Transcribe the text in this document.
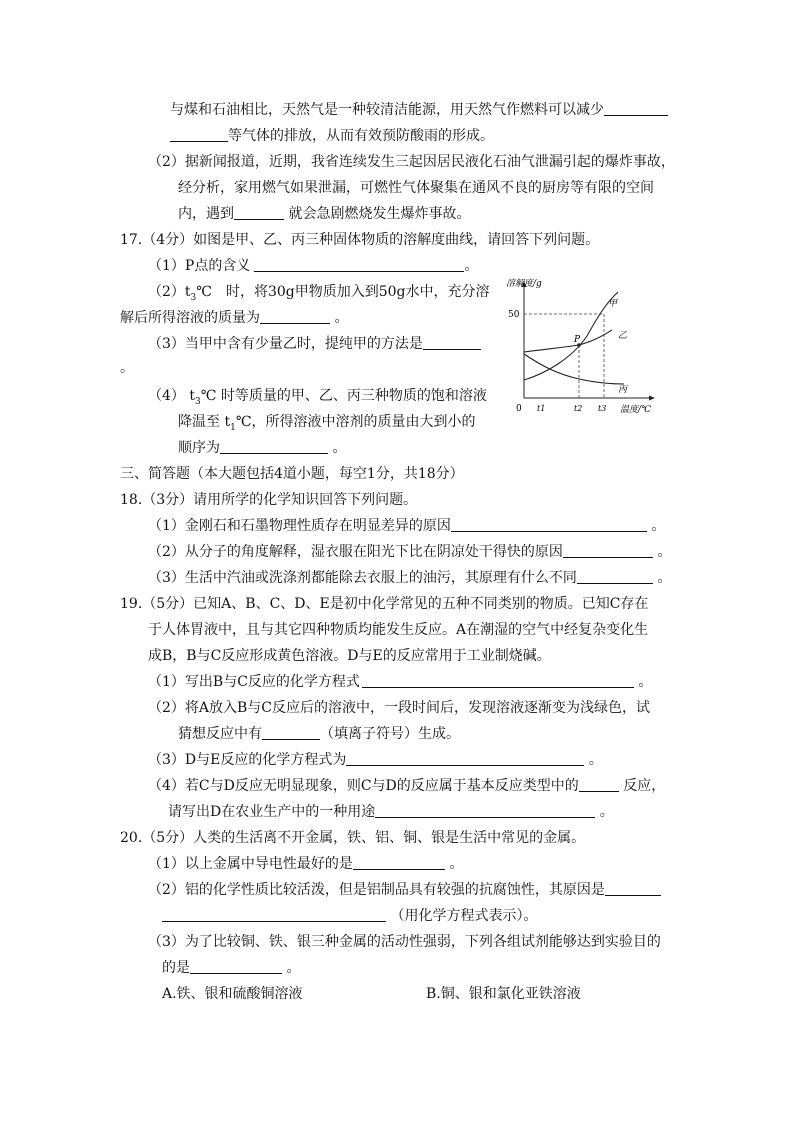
与煤和石油相比，天然气是一种较清洁能源，用天然气作燃料可以减少
等气体的排放，从而有效预防酸雨的形成。
（2）据新闻报道，近期，我省连续发生三起因居民液化石油气泄漏引起的爆炸事故，
经分析，家用燃气如果泄漏，可燃性气体聚集在通风不良的厨房等有限的空间
内，遇到	就会急剧燃烧发生爆炸事故。
17.（4分）如图是甲、乙、丙三种固体物质的溶解度曲线，请回答下列问题。
（1）P点的含义	。
$(2)t_3℃$　时，将30g甲物质加入到50g水中，充分溶
解后所得溶液的质量为	。
（3）当甲中含有少量乙时，提纯甲的方法是
。
（4） $t_3℃$ 时等质量的甲、乙、丙三种物质的饱和溶液
降温至 $t_1℃$，所得溶液中溶剂的质量由大到小的
顺序为	。
溶解度/g
50
0 t1	t2 t3 温度/℃
P
甲
乙
丙
三、简答题（本大题包括4道小题，每空1分，共18分）
18.（3分）请用所学的化学知识回答下列问题。
（1）金刚石和石墨物理性质存在明显差异的原因	。
（2）从分子的角度解释，湿衣服在阳光下比在阴凉处干得快的原因	。
（3）生活中汽油或洗涤剂都能除去衣服上的油污，其原理有什么不同	。
19.（5分）已知A、B、C、D、E是初中化学常见的五种不同类别的物质。已知C存在
于人体胃液中，且与其它四种物质均能发生反应。A在潮湿的空气中经复杂变化生
成B，B与C反应形成黄色溶液。D与E的反应常用于工业制烧碱。
（1）写出B与C反应的化学方程式	。
（2）将A放入B与C反应后的溶液中，一段时间后，发现溶液逐渐变为浅绿色，试
猜想反应中有	（填离子符号）生成。
（3）D与E反应的化学方程式为	。
（4）若C与D反应无明显现象，则C与D的反应属于基本反应类型中的	反应，
请写出D在农业生产中的一种用途	。
20.（5分）人类的生活离不开金属，铁、铝、铜、银是生活中常见的金属。
（1）以上金属中导电性最好的是	。
（2）铝的化学性质比较活泼，但是铝制品具有较强的抗腐蚀性，其原因是
（用化学方程式表示）。
（3）为了比较铜、铁、银三种金属的活动性强弱，下列各组试剂能够达到实验目的
的是	。
A.铁、银和硫酸铜溶液	B.铜、银和氯化亚铁溶液
